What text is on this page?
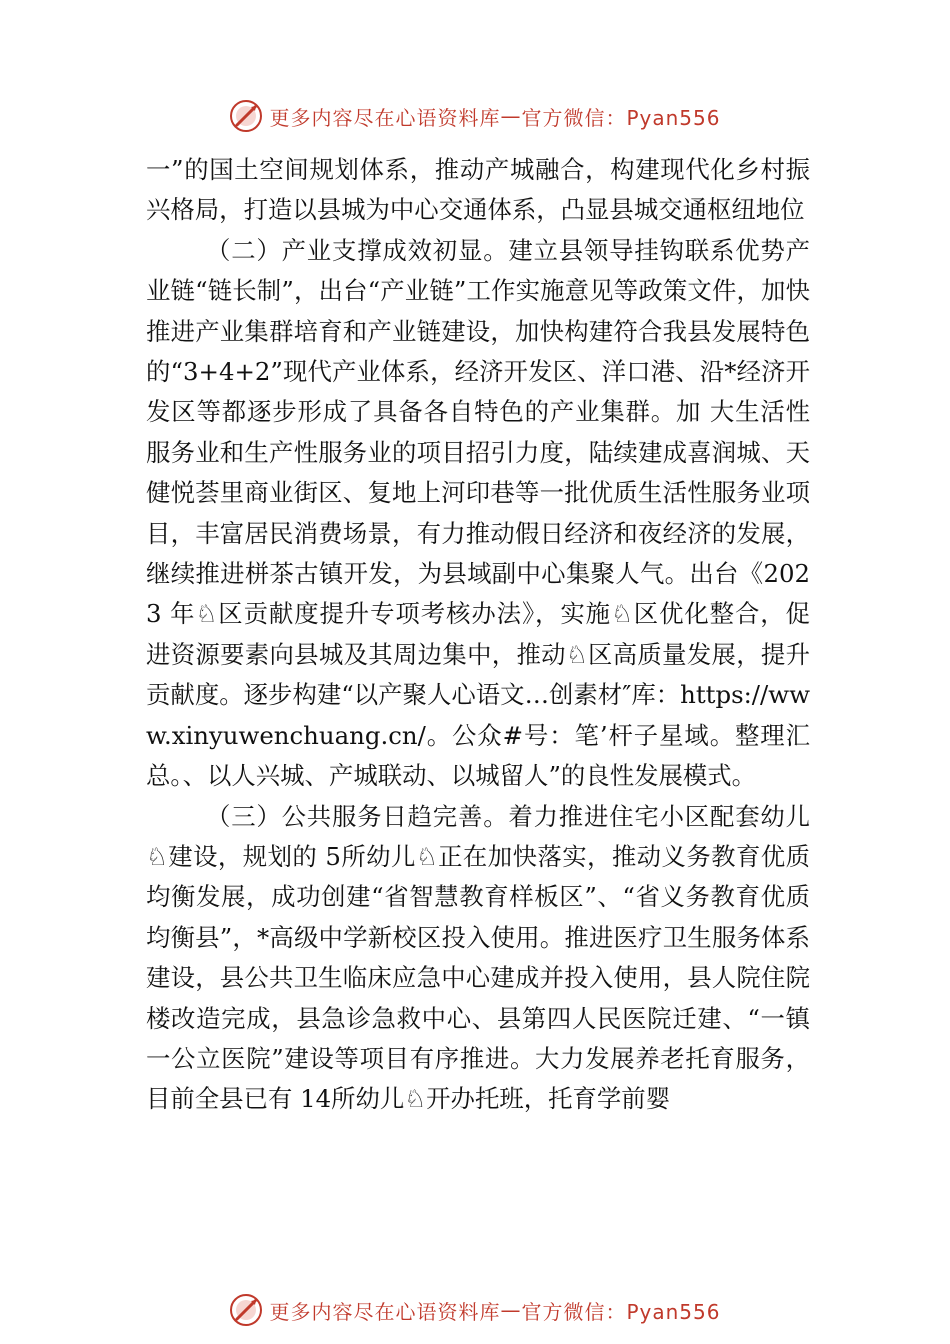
更多内容尽在心语资料库 — 官方微信：Pyan556

一”的国土空间规划体系，推动产城融合，构建现代化乡村振兴格局，打造以县城为中心交通体系，凸显县城交通枢纽地位

（二）产业支撑成效初显。建立县领导挂钩联系优势产业链“链长制”，出台“产业链”工作实施意见等政策文件，加快推进产业集群培育和产业链建设，加快构建符合我县发展特色的“3+4+2”现代产业体系，经济开发区、洋口港、沿*经济开发区等都逐步形成了具备各自特色的产业集群。加 大生活性服务业和生产性服务业的项目招引力度，陆续建成喜润城、天健悦荟里商业街区、复地上河印巷等一批优质生活性服务业项目，丰富居民消费场景，有力推动假日经济和夜经济的发展，继续推进栟茶古镇开发，为县域副中心集聚人气。出台《2023 年♘区贡献度提升专项考核办法》，实施♘区优化整合，促进资源要素向县城及其周边集中，推动♘区高质量发展，提升贡献度。逐步构建“以产聚人心语文…创素材″库：https://www.xinyuwenchuang.cn/。公众#号：笔’杆子星域。整理汇总。、以人兴城、产城联动、以城留人”的良性发展模式。

（三）公共服务日趋完善。着力推进住宅小区配套幼儿♘建设，规划的 5所幼儿♘正在加快落实，推动义务教育优质均衡发展，成功创建“省智慧教育样板区”、“省义务教育优质均衡县”，*高级中学新校区投入使用。推进医疗卫生服务体系建设，县公共卫生临床应急中心建成并投入使用，县人院住院楼改造完成，县急诊急救中心、县第四人民医院迁建、“一镇一公立医院”建设等项目有序推进。大力发展养老托育服务，目前全县已有 14所幼儿♘开办托班，托育学前婴

更多内容尽在心语资料库 — 官方微信：Pyan556
